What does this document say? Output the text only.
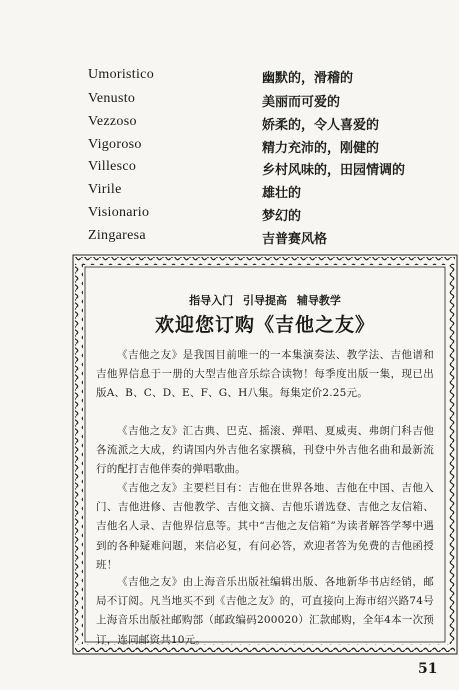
Umoristico	幽默的，滑稽的
Venusto	美丽而可爱的
Vezzoso	娇柔的，令人喜爱的
Vigoroso	精力充沛的，刚健的
Villesco	乡村风味的，田园情调的
Virile	雄壮的
Visionario	梦幻的
Zingaresa	吉普赛风格
指导入门 引导提高 辅导教学
欢迎您订购《吉他之友》
《吉他之友》是我国目前唯一的一本集演奏法、教学法、吉他谱和吉他界信息于一册的大型吉他音乐综合读物！每季度出版一集，现已出版A、B、C、D、E、F、G、H八集。每集定价2.25元。
《吉他之友》汇古典、巴克、摇滚、弹唱、夏威夷、弗朗门科吉他各流派之大成，约请国内外吉他名家撰稿，刊登中外吉他名曲和最新流行的配打吉他伴奏的弹唱歌曲。
《吉他之友》主要栏目有：吉他在世界各地、吉他在中国、吉他入门、吉他进修、吉他教学、吉他文摘、吉他乐谱选登、吉他之友信箱、吉他名人录、吉他界信息等。其中“吉他之友信箱”为读者解答学琴中遇到的各种疑难问题，来信必复，有问必答，欢迎者答为免费的吉他函授班！
《吉他之友》由上海音乐出版社编辑出版、各地新华书店经销，邮局不订阅。凡当地买不到《吉他之友》的，可直接向上海市绍兴路74号上海音乐出版社邮购部（邮政编码200020）汇款邮购，全年4本一次预订，连同邮资共10元。
51
